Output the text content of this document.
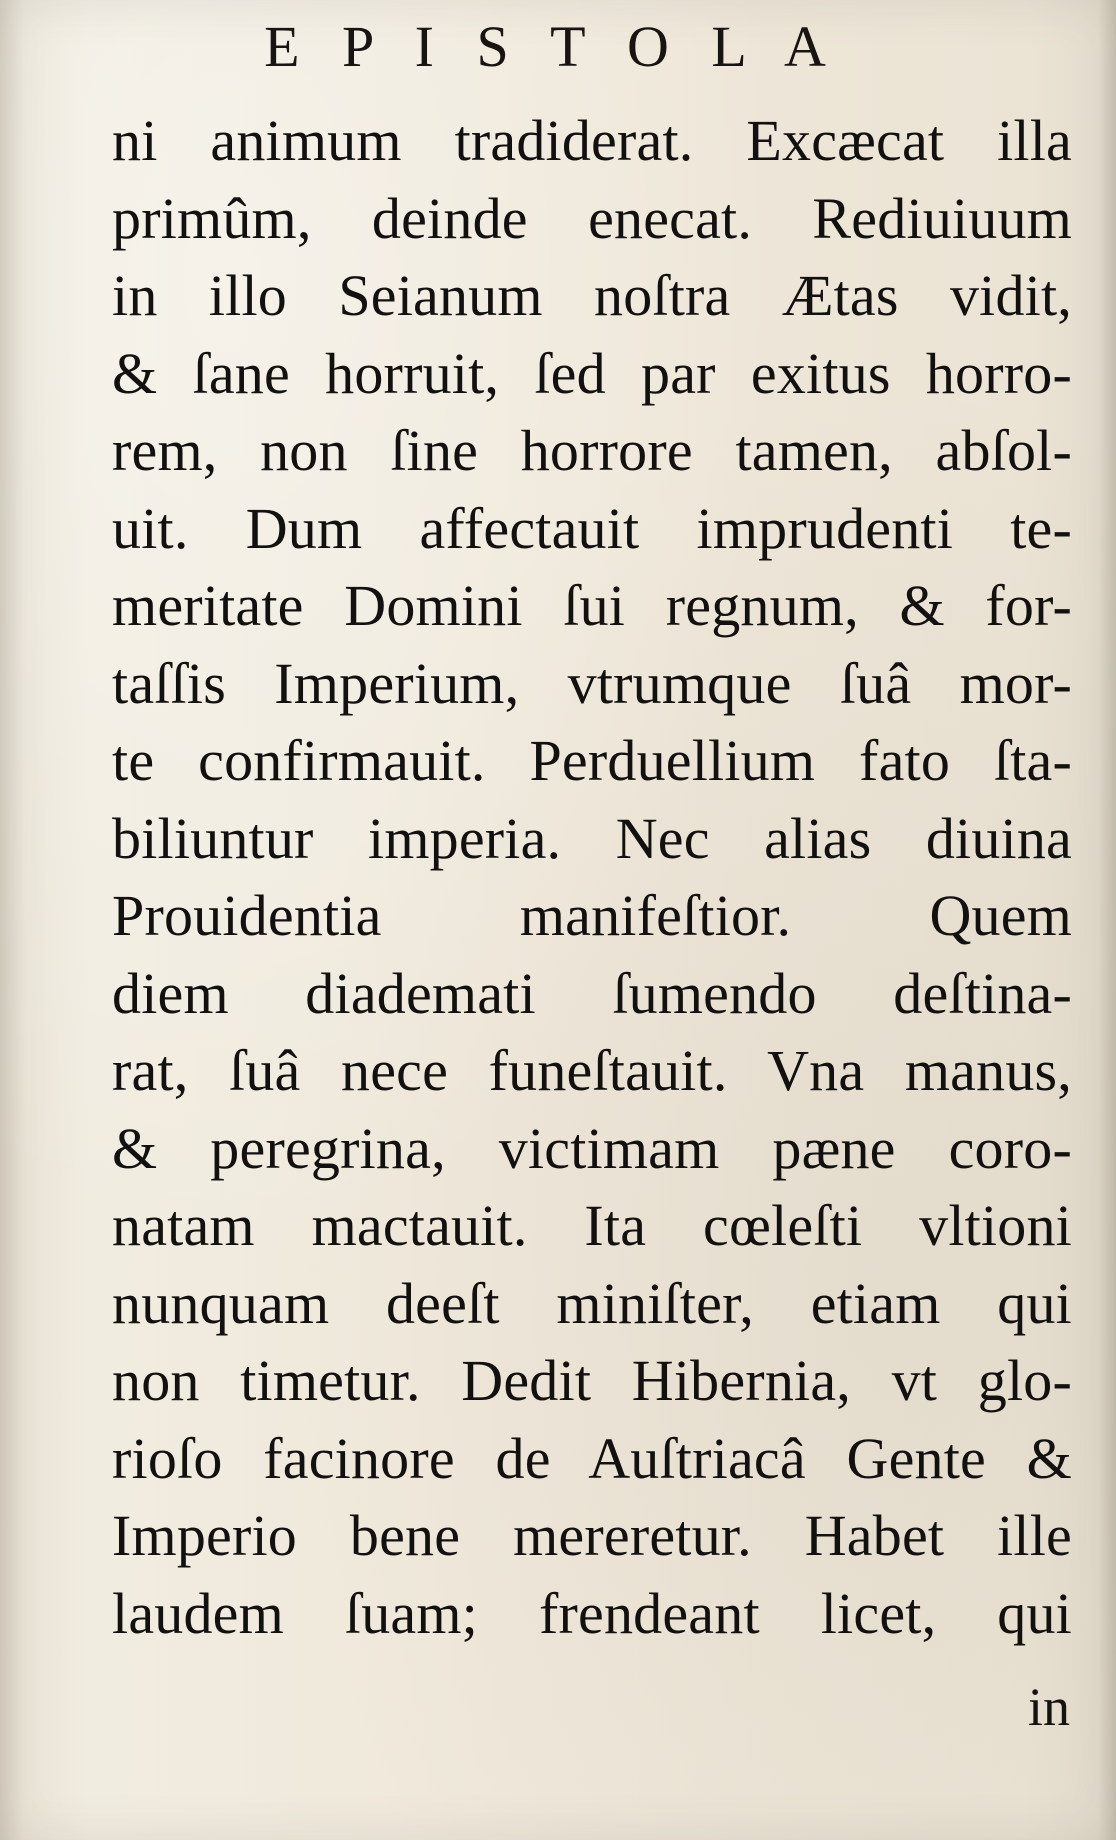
E P I S T O L A
ni animum tradiderat. Excæcat illa
primûm, deinde enecat. Rediuiuum
in illo Seianum noſtra Ætas vidit,
& ſane horruit, ſed par exitus horro-
rem, non ſine horrore tamen, abſol-
uit. Dum affectauit imprudenti te-
meritate Domini ſui regnum, & for-
taſſis Imperium, vtrumque ſuâ mor-
te confirmauit. Perduellium fato ſta-
biliuntur imperia. Nec alias diuina
Prouidentia manifeſtior. Quem
diem diademati ſumendo deſtina-
rat, ſuâ nece funeſtauit. Vna manus,
& peregrina, victimam pæne coro-
natam mactauit. Ita cœleſti vltioni
nunquam deeſt miniſter, etiam qui
non timetur. Dedit Hibernia, vt glo-
rioſo facinore de Auſtriacâ Gente &
Imperio bene mereretur. Habet ille
laudem ſuam; frendeant licet, qui
in
